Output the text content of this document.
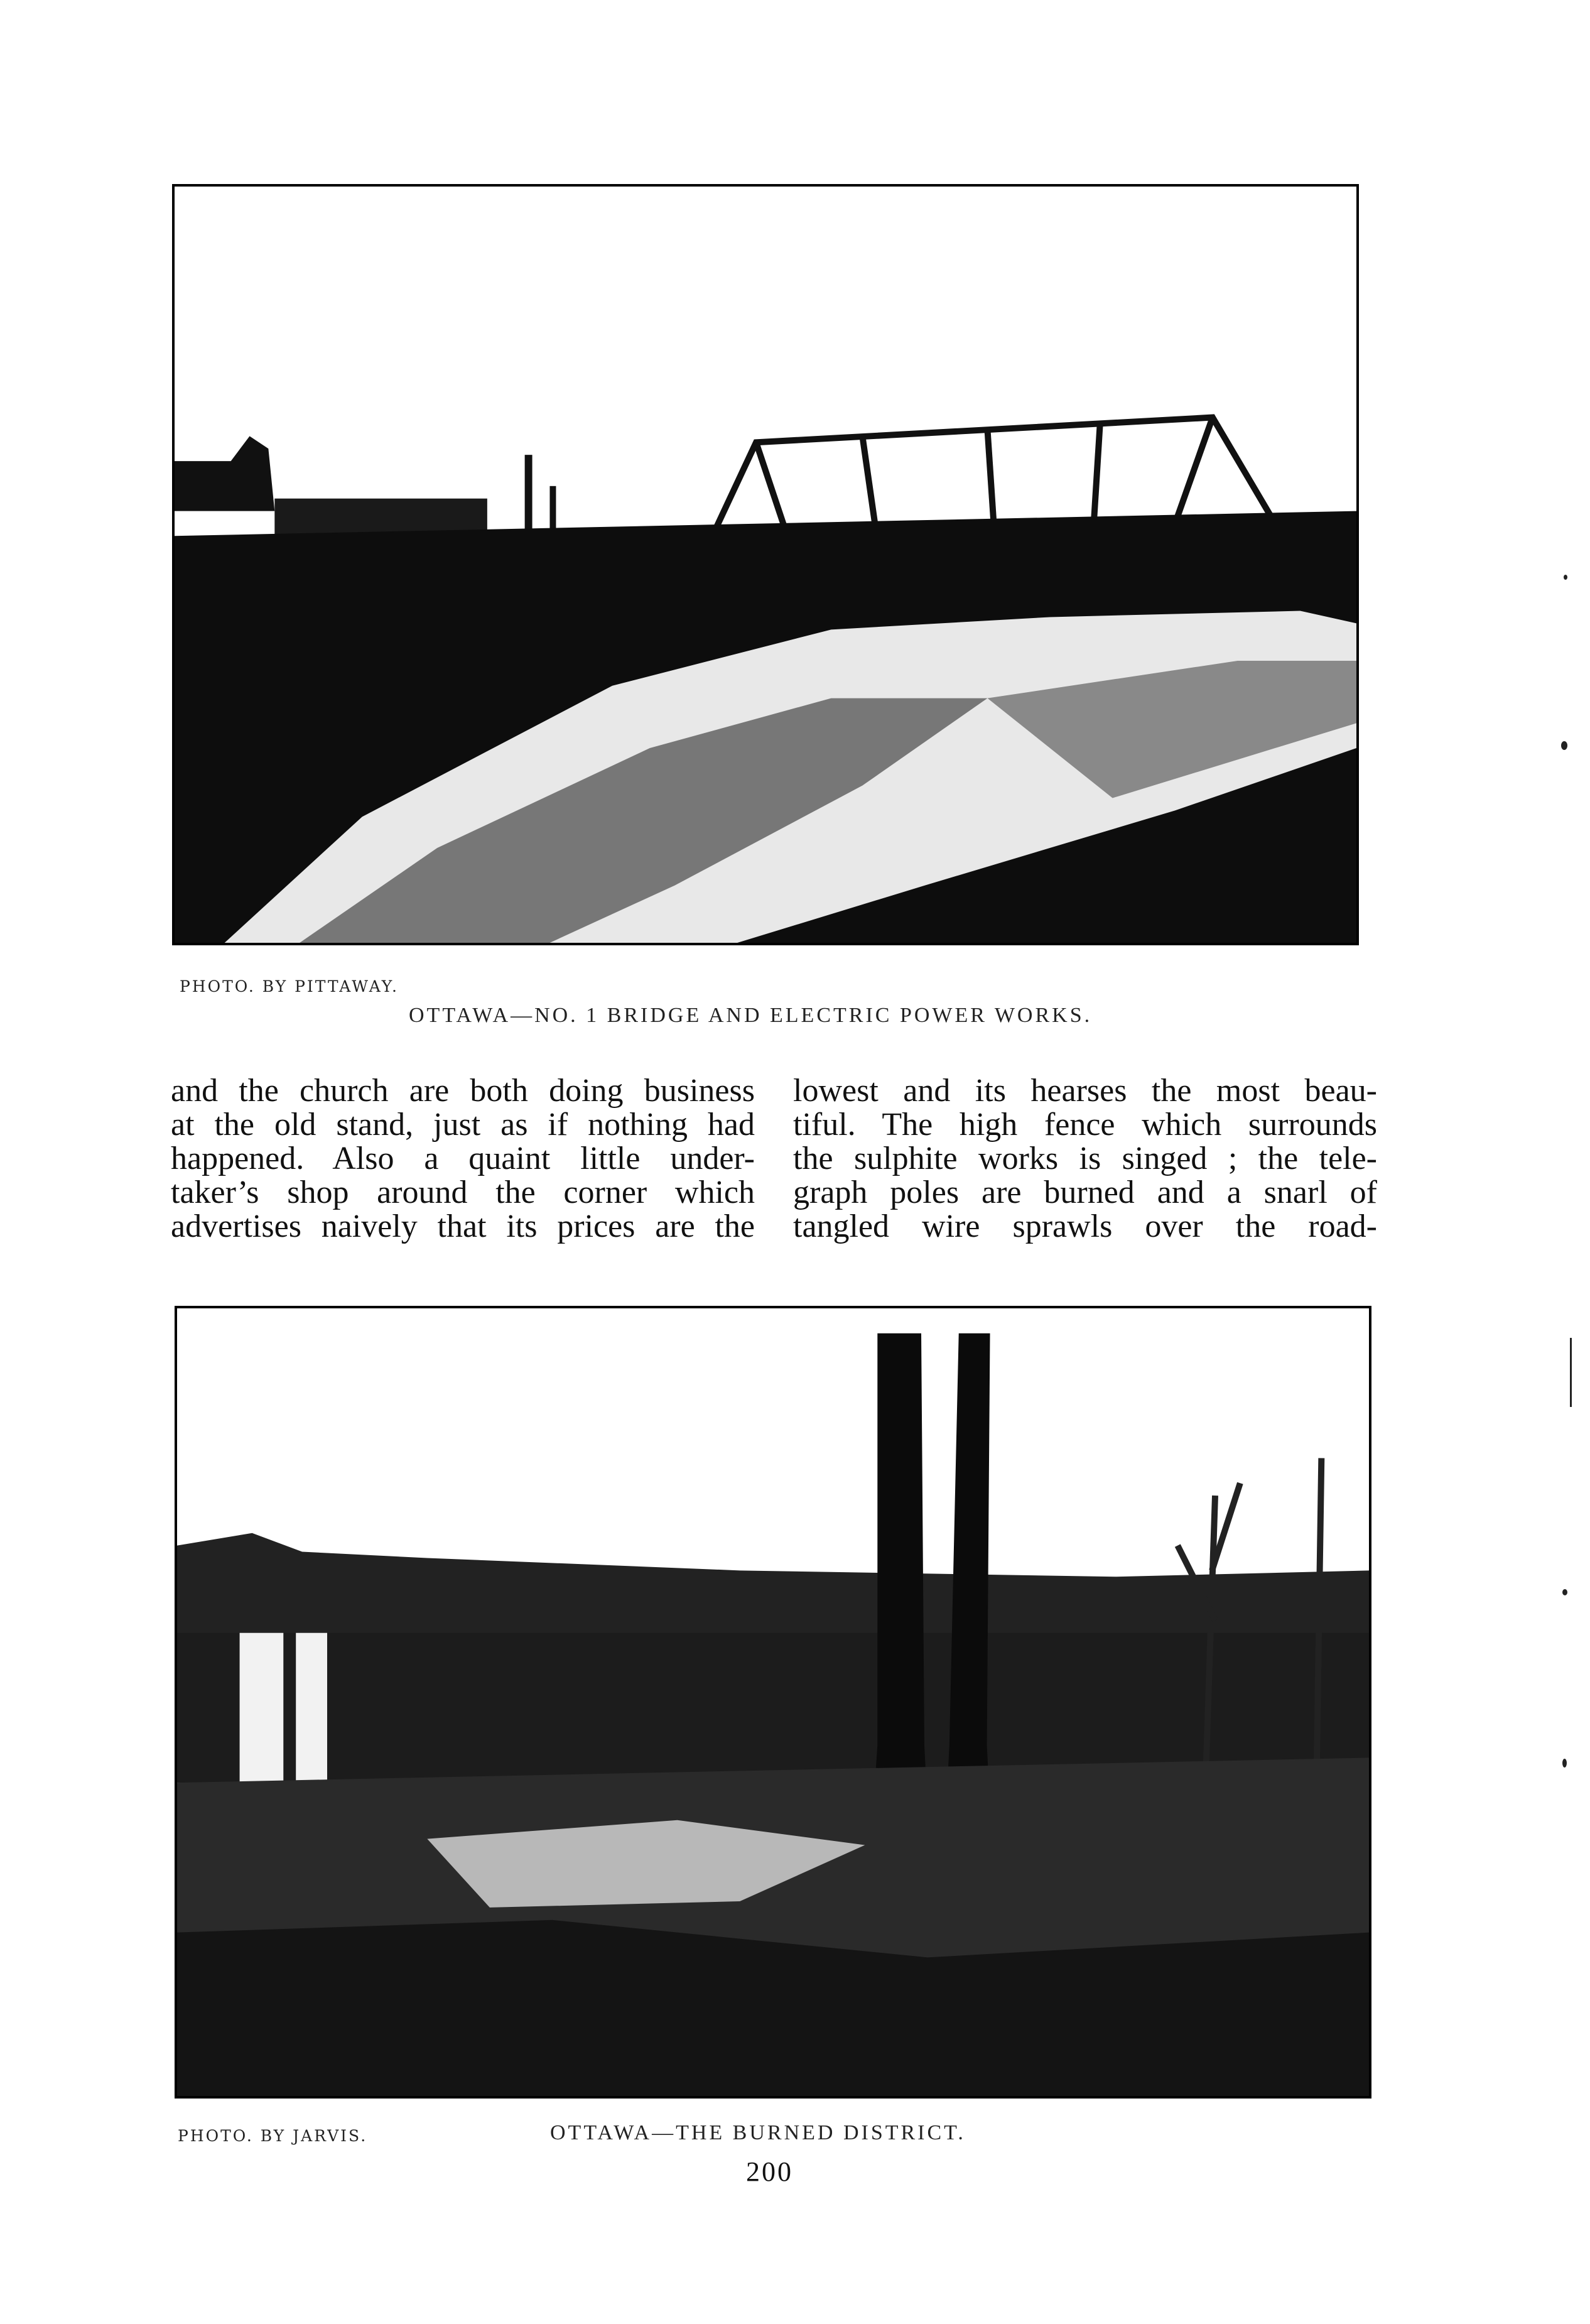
PHOTO. BY PITTAWAY.
OTTAWA—NO. 1 BRIDGE AND ELECTRIC POWER WORKS.
and the church are both doing business
at the old stand, just as if nothing had
happened. Also a quaint little under-
taker’s shop around the corner which
advertises naively that its prices are the
lowest and its hearses the most beau-
tiful. The high fence which surrounds
the sulphite works is singed ; the tele-
graph poles are burned and a snarl of
tangled wire sprawls over the road-
PHOTO. BY JARVIS.	OTTAWA—THE BURNED DISTRICT.
200
